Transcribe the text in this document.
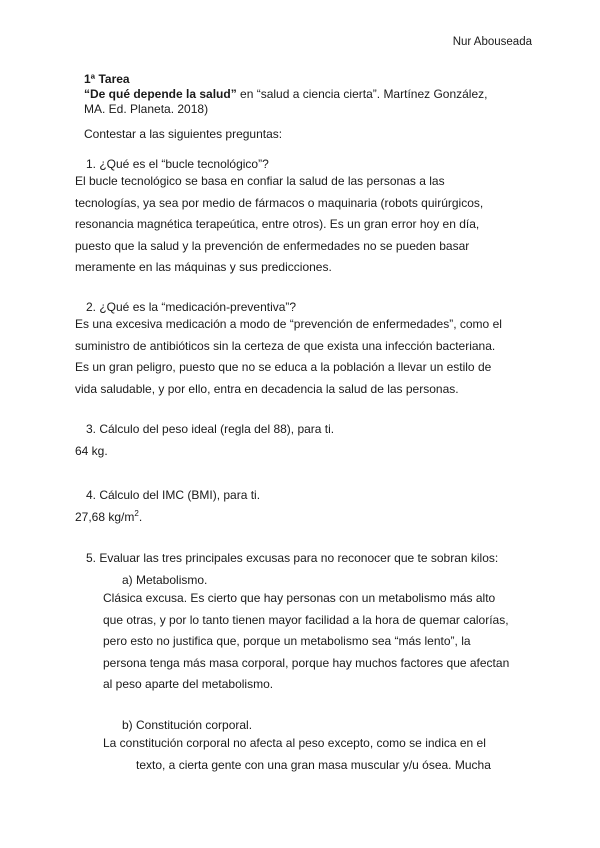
Nur Abouseada
1ª Tarea
“De qué depende la salud” en “salud a ciencia cierta”. Martínez González,
MA. Ed. Planeta. 2018)
Contestar a las siguientes preguntas:
1. ¿Qué es el “bucle tecnológico”?
El bucle tecnológico se basa en confiar la salud de las personas a las
tecnologías, ya sea por medio de fármacos o maquinaria (robots quirúrgicos,
resonancia magnética terapeútica, entre otros). Es un gran error hoy en día,
puesto que la salud y la prevención de enfermedades no se pueden basar
meramente en las máquinas y sus predicciones.
2. ¿Qué es la “medicación-preventiva”?
Es una excesiva medicación a modo de “prevención de enfermedades”, como el
suministro de antibióticos sin la certeza de que exista una infección bacteriana.
Es un gran peligro, puesto que no se educa a la población a llevar un estilo de
vida saludable, y por ello, entra en decadencia la salud de las personas.
3. Cálculo del peso ideal (regla del 88), para ti.
64 kg.
4. Cálculo del IMC (BMI), para ti.
27,68 $kg/m^2$.
5. Evaluar las tres principales excusas para no reconocer que te sobran kilos:
a) Metabolismo.
Clásica excusa. Es cierto que hay personas con un metabolismo más alto
que otras, y por lo tanto tienen mayor facilidad a la hora de quemar calorías,
pero esto no justifica que, porque un metabolismo sea “más lento”, la
persona tenga más masa corporal, porque hay muchos factores que afectan
al peso aparte del metabolismo.
b) Constitución corporal.
La constitución corporal no afecta al peso excepto, como se indica en el
texto, a cierta gente con una gran masa muscular y/u ósea. Mucha
